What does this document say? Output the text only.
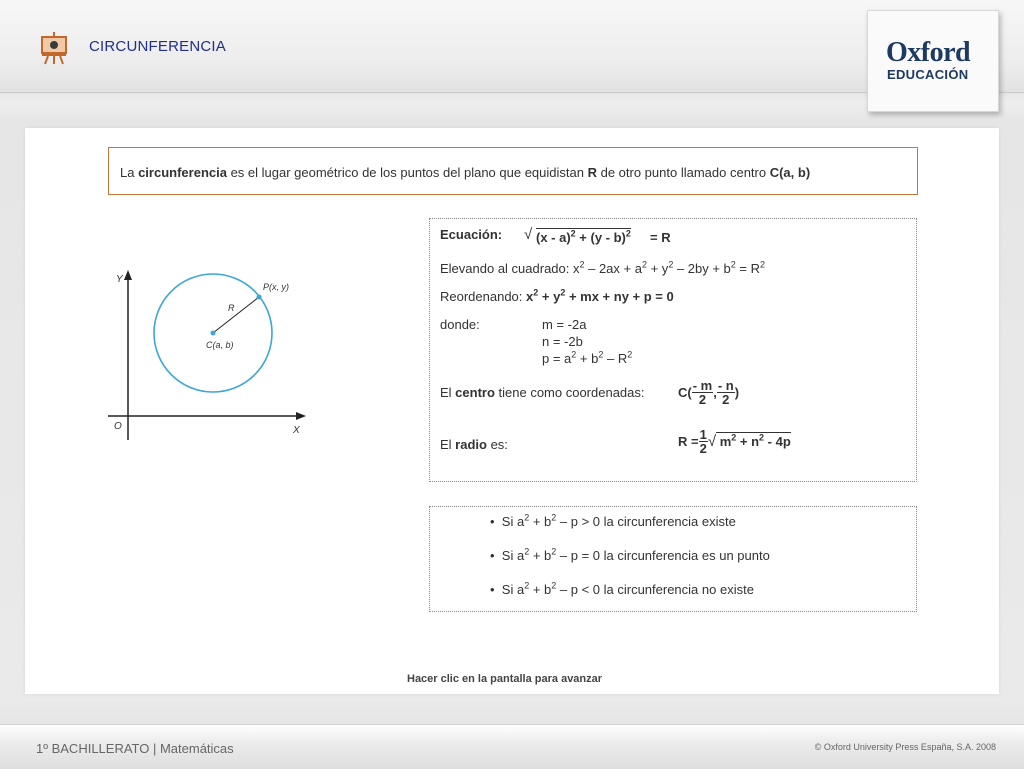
CIRCUNFERENCIA	Oxford
EDUCACIÓN
La circunferencia es el lugar geométrico de los puntos del plano que equidistan R de otro punto llamado centro C(a, b)
Y
X
O
P(x, y)
R
C(a, b)
Ecuación: √ (x - a)$^2$ + (y - b)$^2$ = R
Elevando al cuadrado: $x^2 - 2ax + a^2 + y^2 - 2by + b^2 = R^2$
Reordenando: $x^2 + y^2$ + mx + ny + p = 0
donde:	m = -2a
n = -2b
$p = a^2 + b^2 - R^2$
El centro tiene como coordenadas:	$C( \frac{- m}{2}$ , $\frac{- n}{2}$ )
El radio es:	$R = \frac{1}{2}$ √ $m^2 + n^2 - 4p$
• Si $a^2 + b^2 - p > 0$ la circunferencia existe
• Si $a^2 + b^2 - p = 0$ la circunferencia es un punto
• Si $a^2 + b^2 - p < 0$ la circunferencia no existe
Hacer clic en la pantalla para avanzar
1º BACHILLERATO | Matemáticas	© Oxford University Press España, S.A. 2008
